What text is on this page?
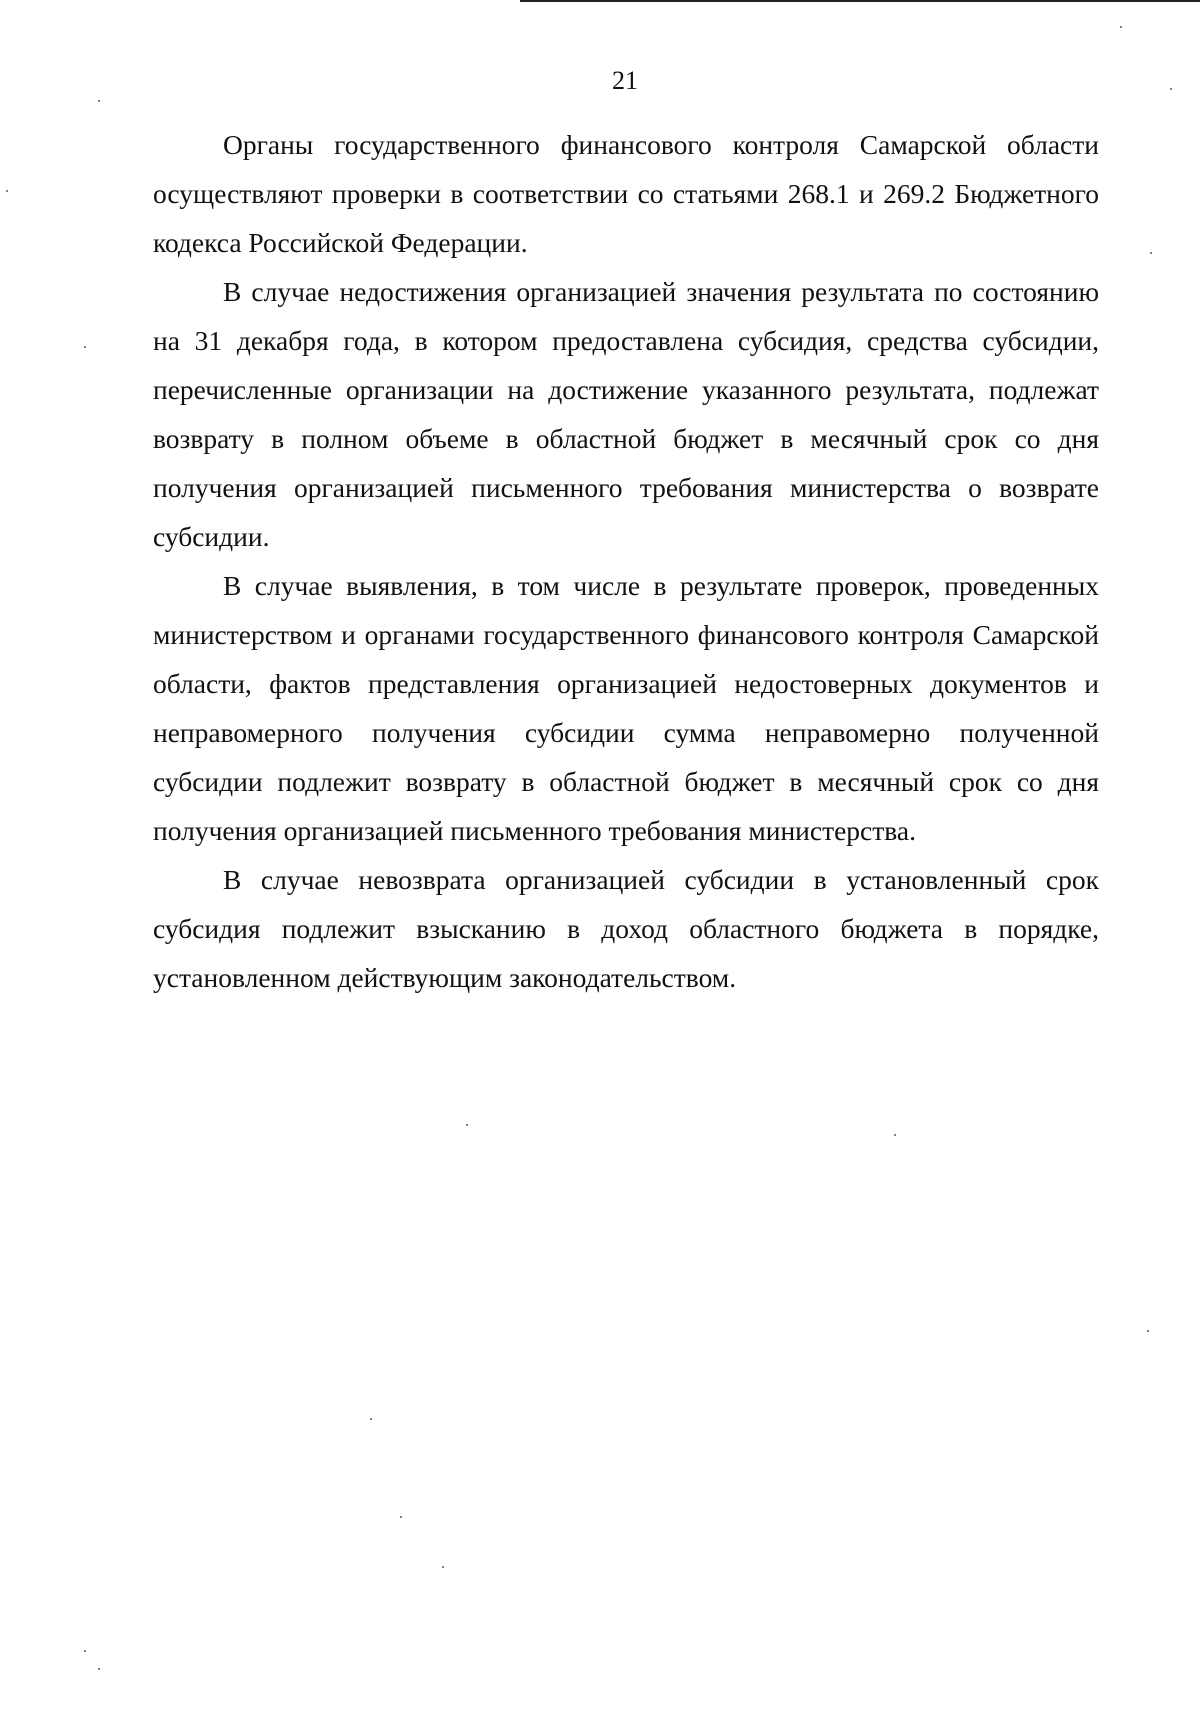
21

Органы государственного финансового контроля Самарской области осуществляют проверки в соответствии со статьями 268.1 и 269.2 Бюджетного кодекса Российской Федерации.

В случае недостижения организацией значения результата по состоянию на 31 декабря года, в котором предоставлена субсидия, средства субсидии, перечисленные организации на достижение указанного результата, подлежат возврату в полном объеме в областной бюджет в месячный срок со дня получения организацией письменного требования министерства о возврате субсидии.

В случае выявления, в том числе в результате проверок, проведенных министерством и органами государственного финансового контроля Самарской области, фактов представления организацией недостоверных документов и неправомерного получения субсидии сумма неправомерно полученной субсидии подлежит возврату в областной бюджет в месячный срок со дня получения организацией письменного требования министерства.

В случае невозврата организацией субсидии в установленный срок субсидия подлежит взысканию в доход областного бюджета в порядке, установленном действующим законодательством.
